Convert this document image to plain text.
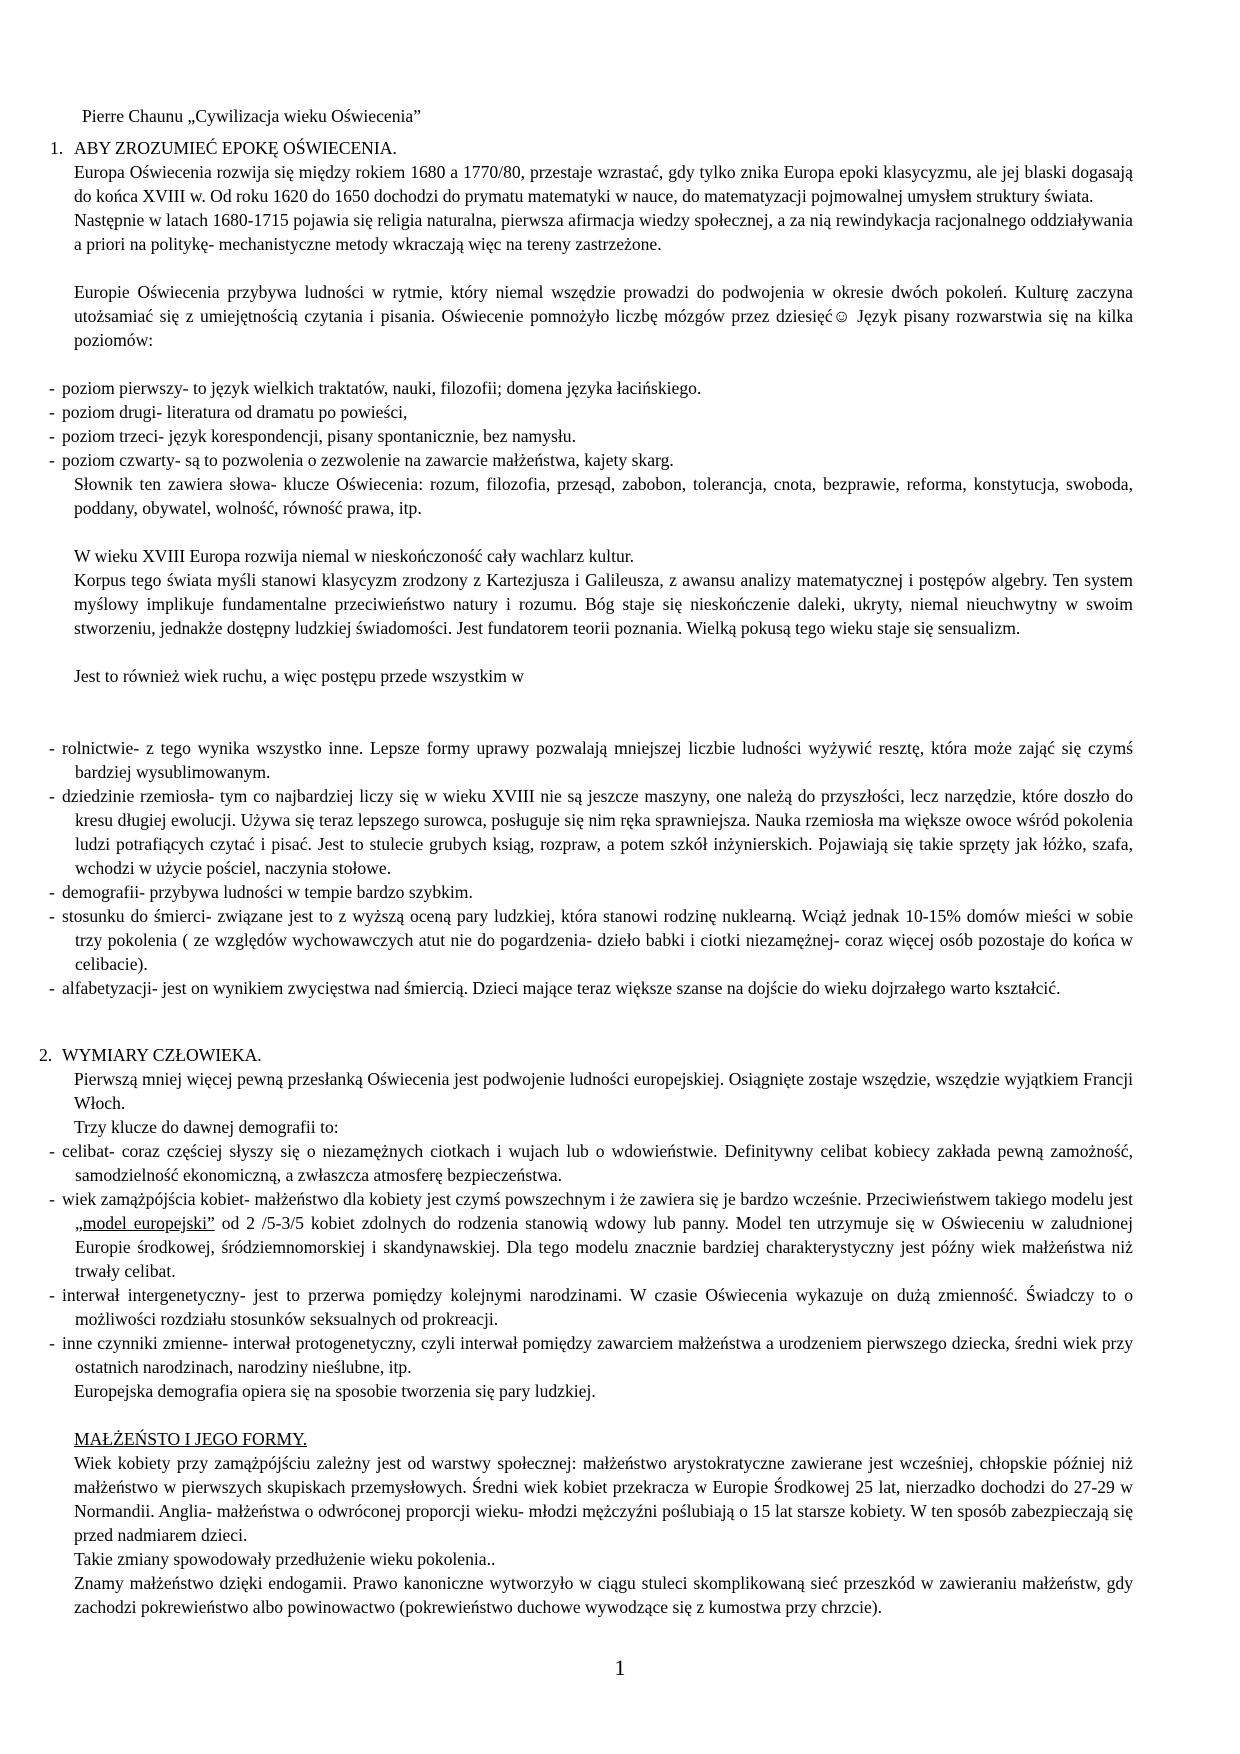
Pierre Chaunu „Cywilizacja wieku Oświecenia”
1. ABY ZROZUMIEĆ EPOKĘ OŚWIECENIA.

Europa Oświecenia rozwija się między rokiem 1680 a 1770/80, przestaje wzrastać, gdy tylko znika Europa epoki klasycyzmu, ale jej blaski dogasają do końca XVIII w. Od roku 1620 do 1650 dochodzi do prymatu matematyki w nauce, do matematyzacji pojmowalnej umysłem struktury świata.

Następnie w latach 1680-1715 pojawia się religia naturalna, pierwsza afirmacja wiedzy społecznej, a za nią rewindykacja racjonalnego oddziaływania a priori na politykę- mechanistyczne metody wkraczają więc na tereny zastrzeżone.

Europie Oświecenia przybywa ludności w rytmie, który niemal wszędzie prowadzi do podwojenia w okresie dwóch pokoleń. Kulturę zaczyna utożsamiać się z umiejętnością czytania i pisania. Oświecenie pomnożyło liczbę mózgów przez dziesięć☺ Język pisany rozwarstwia się na kilka poziomów:

- poziom pierwszy- to język wielkich traktatów, nauki, filozofii; domena języka łacińskiego.

- poziom drugi- literatura od dramatu po powieści,

- poziom trzeci- język korespondencji, pisany spontanicznie, bez namysłu.

- poziom czwarty- są to pozwolenia o zezwolenie na zawarcie małżeństwa, kajety skarg.

Słownik ten zawiera słowa- klucze Oświecenia: rozum, filozofia, przesąd, zabobon, tolerancja, cnota, bezprawie, reforma, konstytucja, swoboda, poddany, obywatel, wolność, równość prawa, itp.

W wieku XVIII Europa rozwija niemal w nieskończoność cały wachlarz kultur.

Korpus tego świata myśli stanowi klasycyzm zrodzony z Kartezjusza i Galileusza, z awansu analizy matematycznej i postępów algebry. Ten system myślowy implikuje fundamentalne przeciwieństwo natury i rozumu. Bóg staje się nieskończenie daleki, ukryty, niemal nieuchwytny w swoim stworzeniu, jednakże dostępny ludzkiej świadomości. Jest fundatorem teorii poznania. Wielką pokusą tego wieku staje się sensualizm.

Jest to również wiek ruchu, a więc postępu przede wszystkim w

- rolnictwie- z tego wynika wszystko inne. Lepsze formy uprawy pozwalają mniejszej liczbie ludności wyżywić resztę, która może zająć się czymś bardziej wysublimowanym.

- dziedzinie rzemiosła- tym co najbardziej liczy się w wieku XVIII nie są jeszcze maszyny, one należą do przyszłości, lecz narzędzie, które doszło do kresu długiej ewolucji. Używa się teraz lepszego surowca, posługuje się nim ręka sprawniejsza. Nauka rzemiosła ma większe owoce wśród pokolenia ludzi potrafiących czytać i pisać. Jest to stulecie grubych ksiąg, rozpraw, a potem szkół inżynierskich. Pojawiają się takie sprzęty jak łóżko, szafa, wchodzi w użycie pościel, naczynia stołowe.

- demografii- przybywa ludności w tempie bardzo szybkim.

- stosunku do śmierci- związane jest to z wyższą oceną pary ludzkiej, która stanowi rodzinę nuklearną. Wciąż jednak 10-15% domów mieści w sobie trzy pokolenia ( ze względów wychowawczych atut nie do pogardzenia- dzieło babki i ciotki niezamężnej- coraz więcej osób pozostaje do końca w celibacie).

- alfabetyzacji- jest on wynikiem zwycięstwa nad śmiercią. Dzieci mające teraz większe szanse na dojście do wieku dojrzałego warto kształcić.

2. WYMIARY CZŁOWIEKA.

Pierwszą mniej więcej pewną przesłanką Oświecenia jest podwojenie ludności europejskiej. Osiągnięte zostaje wszędzie, wszędzie wyjątkiem Francji Włoch.

Trzy klucze do dawnej demografii to:

- celibat- coraz częściej słyszy się o niezamężnych ciotkach i wujach lub o wdowieństwie. Definitywny celibat kobiecy zakłada pewną zamożność, samodzielność ekonomiczną, a zwłaszcza atmosferę bezpieczeństwa.

- wiek zamążpójścia kobiet- małżeństwo dla kobiety jest czymś powszechnym i że zawiera się je bardzo wcześnie. Przeciwieństwem takiego modelu jest „model europejski” od 2 /5-3/5 kobiet zdolnych do rodzenia stanowią wdowy lub panny. Model ten utrzymuje się w Oświeceniu w zaludnionej Europie środkowej, śródziemnomorskiej i skandynawskiej. Dla tego modelu znacznie bardziej charakterystyczny jest późny wiek małżeństwa niż trwały celibat.

- interwał intergenetyczny- jest to przerwa pomiędzy kolejnymi narodzinami. W czasie Oświecenia wykazuje on dużą zmienność. Świadczy to o możliwości rozdziału stosunków seksualnych od prokreacji.

- inne czynniki zmienne- interwał protogenetyczny, czyli interwał pomiędzy zawarciem małżeństwa a urodzeniem pierwszego dziecka, średni wiek przy ostatnich narodzinach, narodziny nieślubne, itp.

Europejska demografia opiera się na sposobie tworzenia się pary ludzkiej.

MAŁŻEŃSTO I JEGO FORMY.

Wiek kobiety przy zamążpójściu zależny jest od warstwy społecznej: małżeństwo arystokratyczne zawierane jest wcześniej, chłopskie później niż małżeństwo w pierwszych skupiskach przemysłowych. Średni wiek kobiet przekracza w Europie Środkowej 25 lat, nierzadko dochodzi do 27-29 w Normandii. Anglia- małżeństwa o odwróconej proporcji wieku- młodzi mężczyźni poślubiają o 15 lat starsze kobiety. W ten sposób zabezpieczają się przed nadmiarem dzieci.

Takie zmiany spowodowały przedłużenie wieku pokolenia..

Znamy małżeństwo dzięki endogamii. Prawo kanoniczne wytworzyło w ciągu stuleci skomplikowaną sieć przeszkód w zawieraniu małżeństw, gdy zachodzi pokrewieństwo albo powinowactwo (pokrewieństwo duchowe wywodzące się z kumostwa przy chrzcie).

1
